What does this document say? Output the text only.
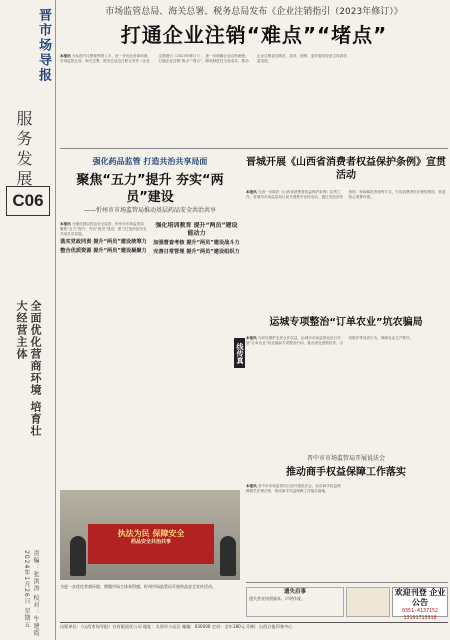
晋市场导报
服务发展
C06
全面优化营商环境 培育壮大经营主体
责编：张洪涛 校对：牛建霞 2024年1月26日 星期五
市场监管总局、海关总署、税务总局发布《企业注销指引（2023年修订）》
打通企业注销“难点”“堵点”
本报讯 为从提升注销便利度入手，进一步优化营商环境，市场监管总局、海关总署、税务总局近日联合发布《企业注销指引（2023年修订）》，进一步明确企业注销流程，打通企业注销“难点”“堵点”，降低制度性交易成本，推动企业注销更加规范、高效、便利，更好服务经营主体高质量发展。
强化药品监管 打造共治共享局面
聚焦“五力”提升 夯实“两员”建设
——忻州市市场监管局推动基层药品安全共治共享
本报讯 为强化基层药品安全监管，忻州市市场监管局聚焦“五力”提升、夯实“两员”建设，着力打造药品安全共治共享局面。
落实党政同责 提升“两员”建设统筹力
整合优质资源 提升“两员”建设凝聚力
强化培训教育 提升“两员”建设能动力
加强督查考核 提升“两员”建设战斗力
完善日常管理 提升“两员”建设组织力
执法为民 保障安全
药品安全共治共享
为进一步优化营商环境、增强市场主体获得感，忻州市场监管局开展药品安全宣传活动。
线传真
晋城开展《山西省消费者权益保护条例》宣贯活动
本报讯 为进一步做好《山西省消费者权益保护条例》宣贯工作，晋城市市场监管局日前开展集中宣传活动，通过发放宣传资料、现场解答咨询等方式，引导消费者依法理性维权，营造放心消费环境。
运城专项整治“订单农业”坑农骗局
本报讯 为切实维护农民合法权益，运城市市场监管局近日开展“订单农业”坑农骗局专项整治行动，重点查处虚假宣传、合同欺诈等违法行为，保障农业生产秩序。
晋中市市场监管局开展说法会
推动商手权益保障工作落实
本报讯 晋中市市场监管局日前开展说法会，宣讲商手权益保障相关法律法规，推动商手权益保障工作落实落地。
遗失启事
遗失营业执照副本，声明作废。
欢迎刊登 企业公告
0351-4137152
13191715918
出版单位：《山西市场导报》社有限责任公司 地址：太原市小店区 邮编：030006 定价：全年180元 印刷：山西日报印务中心
